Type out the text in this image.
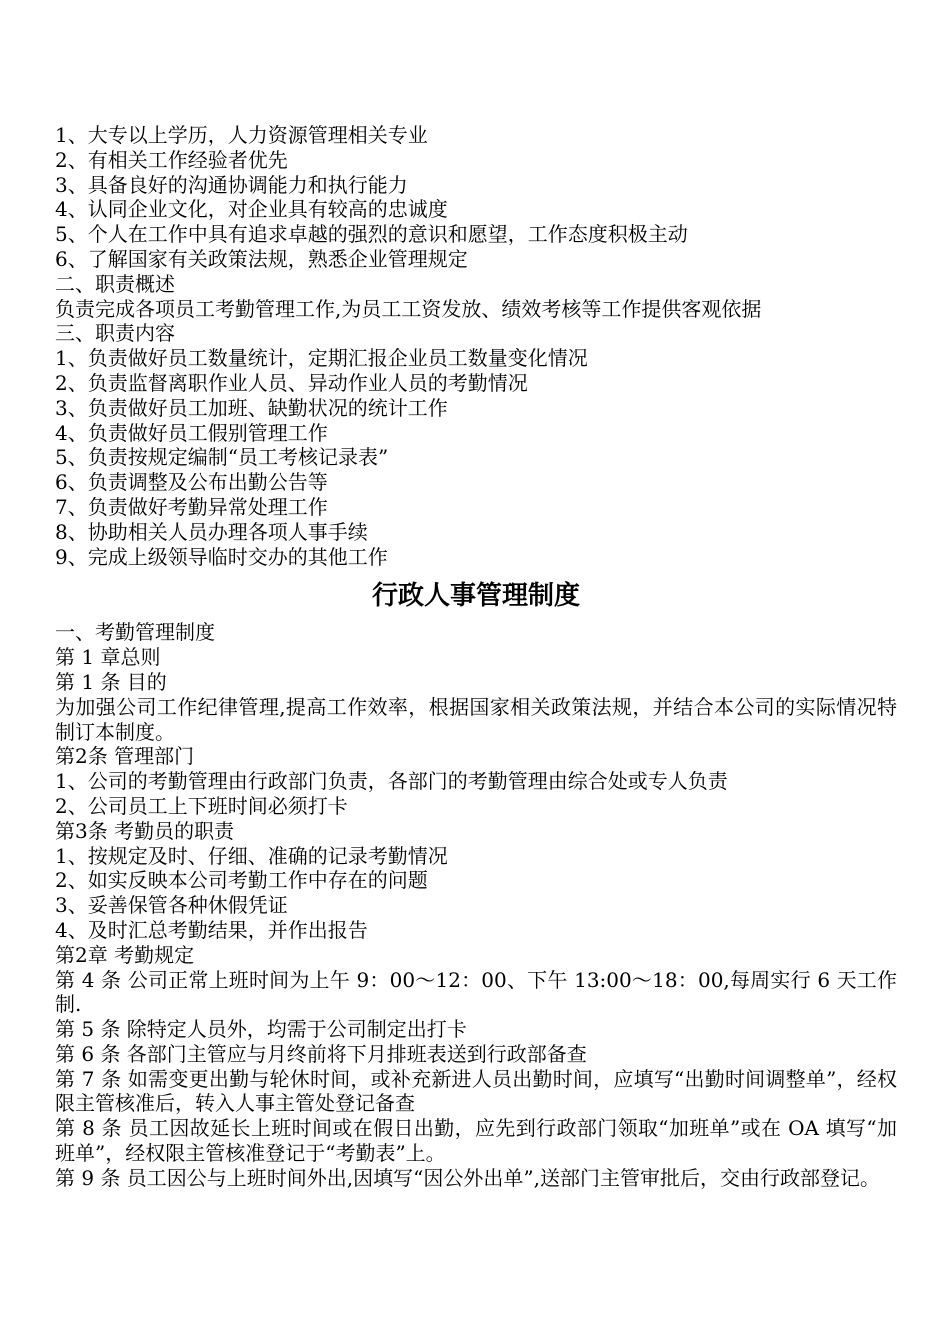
1、大专以上学历，人力资源管理相关专业

2、有相关工作经验者优先

3、具备良好的沟通协调能力和执行能力

4、认同企业文化，对企业具有较高的忠诚度

5、个人在工作中具有追求卓越的强烈的意识和愿望，工作态度积极主动

6、了解国家有关政策法规，熟悉企业管理规定

二、职责概述

负责完成各项员工考勤管理工作,为员工工资发放、绩效考核等工作提供客观依据

三、职责内容

1、负责做好员工数量统计，定期汇报企业员工数量变化情况

2、负责监督离职作业人员、异动作业人员的考勤情况

3、负责做好员工加班、缺勤状况的统计工作

4、负责做好员工假别管理工作

5、负责按规定编制“员工考核记录表”

6、负责调整及公布出勤公告等

7、负责做好考勤异常处理工作

8、协助相关人员办理各项人事手续

9、完成上级领导临时交办的其他工作

行政人事管理制度

一、考勤管理制度

第 1 章总则

第 1 条 目的

为加强公司工作纪律管理,提高工作效率，根据国家相关政策法规，并结合本公司的实际情况特制订本制度。

第2条 管理部门

1、公司的考勤管理由行政部门负责，各部门的考勤管理由综合处或专人负责

2、公司员工上下班时间必须打卡

第3条 考勤员的职责

1、按规定及时、仔细、准确的记录考勤情况

2、如实反映本公司考勤工作中存在的问题

3、妥善保管各种休假凭证

4、及时汇总考勤结果，并作出报告

第2章 考勤规定

第 4 条 公司正常上班时间为上午 9：00～12：00、下午 13:00～18：00,每周实行 6 天工作制.

第 5 条 除特定人员外，均需于公司制定出打卡

第 6 条 各部门主管应与月终前将下月排班表送到行政部备查

第 7 条 如需变更出勤与轮休时间，或补充新进人员出勤时间，应填写“出勤时间调整单”，经权限主管核准后，转入人事主管处登记备查

第 8 条 员工因故延长上班时间或在假日出勤，应先到行政部门领取“加班单”或在 OA 填写“加班单”，经权限主管核准登记于“考勤表”上。

第 9 条 员工因公与上班时间外出,因填写“因公外出单”,送部门主管审批后，交由行政部登记。
